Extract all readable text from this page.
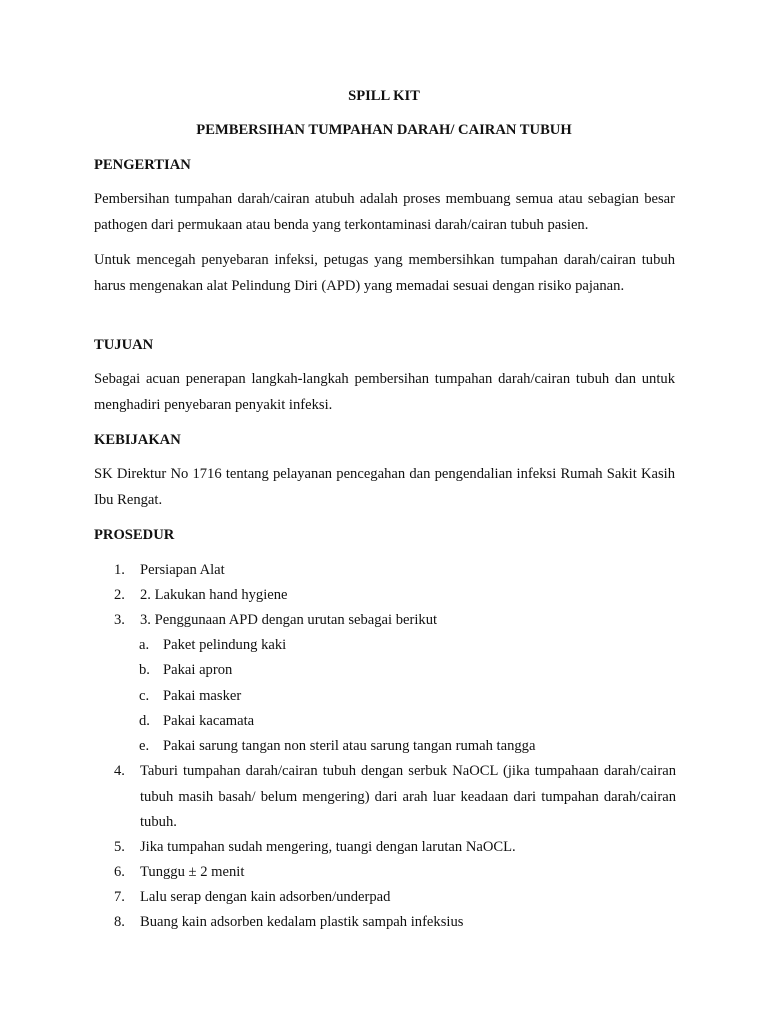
SPILL KIT

PEMBERSIHAN TUMPAHAN DARAH/ CAIRAN TUBUH

PENGERTIAN

Pembersihan tumpahan darah/cairan atubuh adalah proses membuang semua atau sebagian besar pathogen dari permukaan atau benda yang terkontaminasi darah/cairan tubuh pasien.

Untuk mencegah penyebaran infeksi, petugas yang membersihkan tumpahan darah/cairan tubuh harus mengenakan alat Pelindung Diri (APD) yang memadai sesuai dengan risiko pajanan.

TUJUAN

Sebagai acuan penerapan langkah-langkah pembersihan tumpahan darah/cairan tubuh dan untuk menghadiri penyebaran penyakit infeksi.

KEBIJAKAN

SK Direktur No 1716 tentang pelayanan pencegahan dan pengendalian infeksi Rumah Sakit Kasih Ibu Rengat.

PROSEDUR

1.	Persiapan Alat
2.	2. Lakukan hand hygiene
3.	3. Penggunaan APD dengan urutan sebagai berikut
a. Paket pelindung kaki
b. Pakai apron
c. Pakai masker
d. Pakai kacamata
e. Pakai sarung tangan non steril atau sarung tangan rumah tangga
4.	Taburi tumpahan darah/cairan tubuh dengan serbuk NaOCL (jika tumpahaan darah/cairan tubuh masih basah/ belum mengering) dari arah luar keadaan dari tumpahan darah/cairan tubuh.
5.	Jika tumpahan sudah mengering, tuangi dengan larutan NaOCL.
6.	Tunggu ± 2 menit
7.	Lalu serap dengan kain adsorben/underpad
8.	Buang kain adsorben kedalam plastik sampah infeksius
